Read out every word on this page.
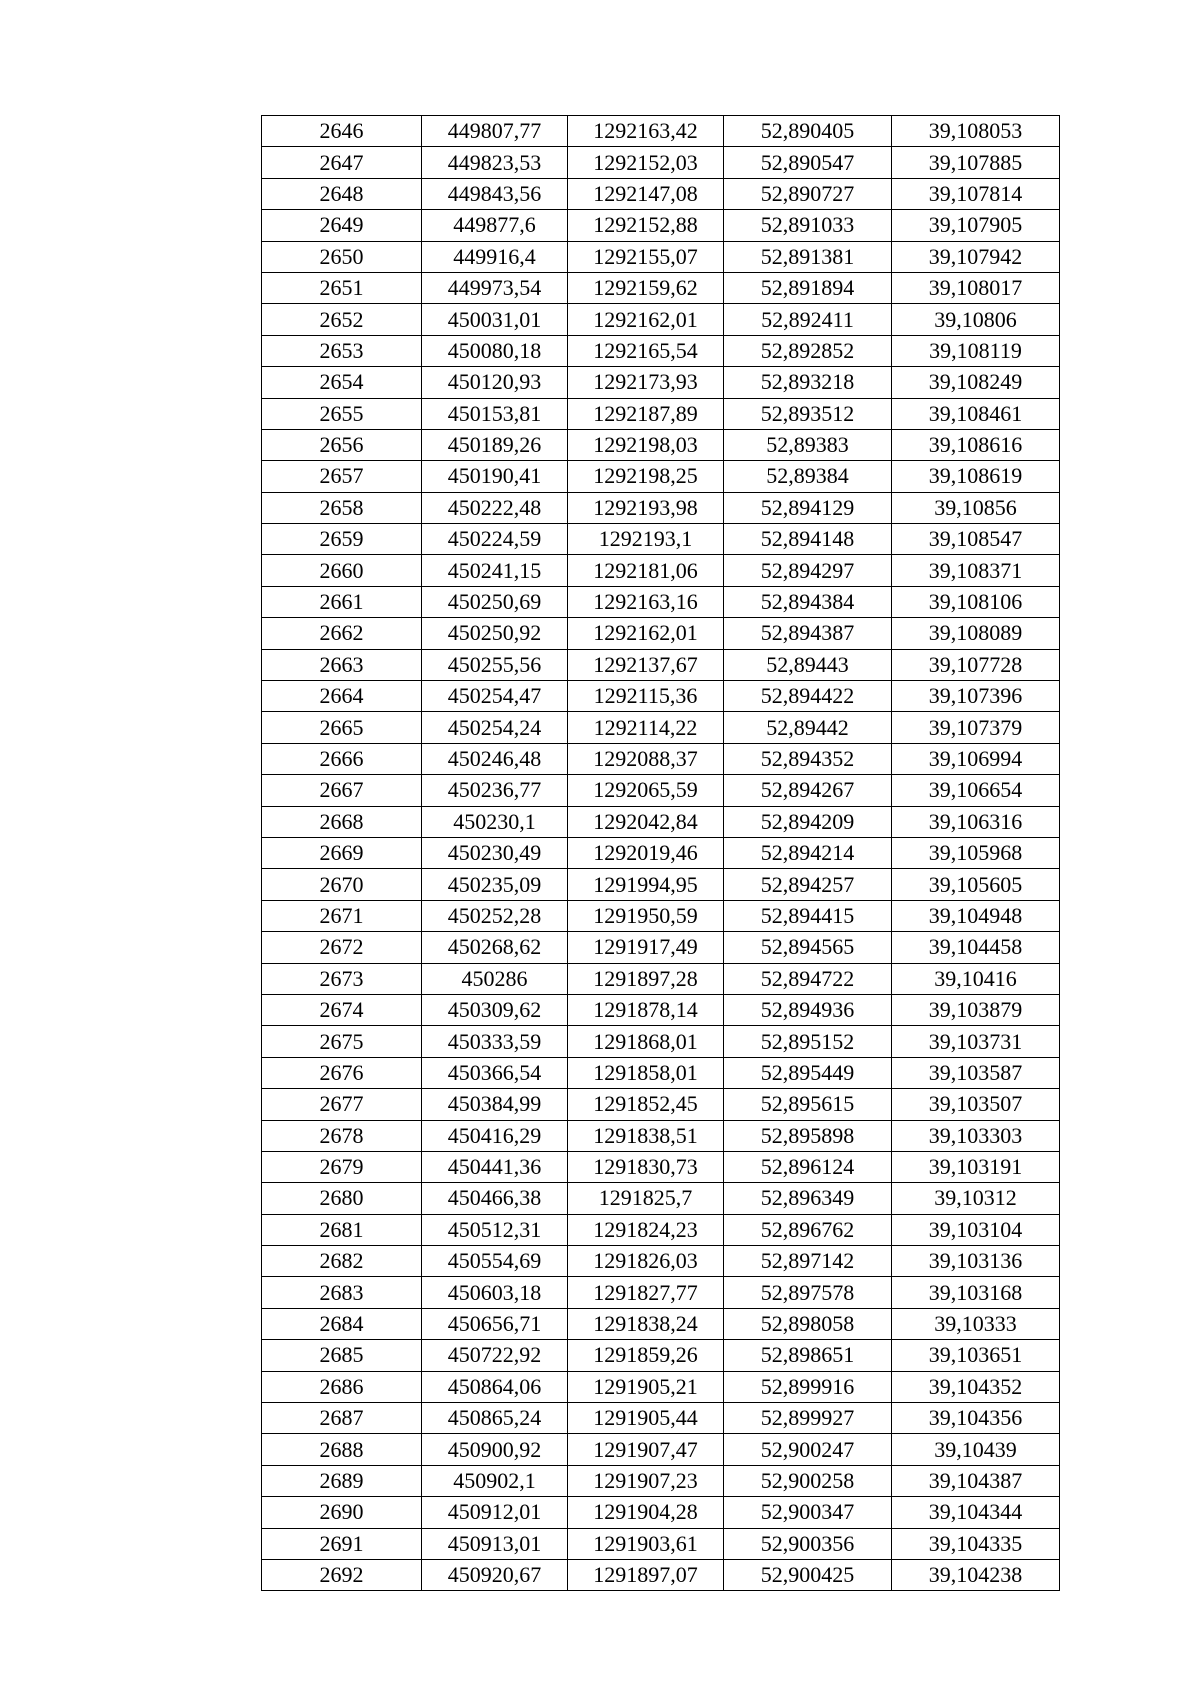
2646	449807,77	1292163,42	52,890405	39,108053
2647	449823,53	1292152,03	52,890547	39,107885
2648	449843,56	1292147,08	52,890727	39,107814
2649	449877,6	1292152,88	52,891033	39,107905
2650	449916,4	1292155,07	52,891381	39,107942
2651	449973,54	1292159,62	52,891894	39,108017
2652	450031,01	1292162,01	52,892411	39,10806
2653	450080,18	1292165,54	52,892852	39,108119
2654	450120,93	1292173,93	52,893218	39,108249
2655	450153,81	1292187,89	52,893512	39,108461
2656	450189,26	1292198,03	52,89383	39,108616
2657	450190,41	1292198,25	52,89384	39,108619
2658	450222,48	1292193,98	52,894129	39,10856
2659	450224,59	1292193,1	52,894148	39,108547
2660	450241,15	1292181,06	52,894297	39,108371
2661	450250,69	1292163,16	52,894384	39,108106
2662	450250,92	1292162,01	52,894387	39,108089
2663	450255,56	1292137,67	52,89443	39,107728
2664	450254,47	1292115,36	52,894422	39,107396
2665	450254,24	1292114,22	52,89442	39,107379
2666	450246,48	1292088,37	52,894352	39,106994
2667	450236,77	1292065,59	52,894267	39,106654
2668	450230,1	1292042,84	52,894209	39,106316
2669	450230,49	1292019,46	52,894214	39,105968
2670	450235,09	1291994,95	52,894257	39,105605
2671	450252,28	1291950,59	52,894415	39,104948
2672	450268,62	1291917,49	52,894565	39,104458
2673	450286	1291897,28	52,894722	39,10416
2674	450309,62	1291878,14	52,894936	39,103879
2675	450333,59	1291868,01	52,895152	39,103731
2676	450366,54	1291858,01	52,895449	39,103587
2677	450384,99	1291852,45	52,895615	39,103507
2678	450416,29	1291838,51	52,895898	39,103303
2679	450441,36	1291830,73	52,896124	39,103191
2680	450466,38	1291825,7	52,896349	39,10312
2681	450512,31	1291824,23	52,896762	39,103104
2682	450554,69	1291826,03	52,897142	39,103136
2683	450603,18	1291827,77	52,897578	39,103168
2684	450656,71	1291838,24	52,898058	39,10333
2685	450722,92	1291859,26	52,898651	39,103651
2686	450864,06	1291905,21	52,899916	39,104352
2687	450865,24	1291905,44	52,899927	39,104356
2688	450900,92	1291907,47	52,900247	39,10439
2689	450902,1	1291907,23	52,900258	39,104387
2690	450912,01	1291904,28	52,900347	39,104344
2691	450913,01	1291903,61	52,900356	39,104335
2692	450920,67	1291897,07	52,900425	39,104238
